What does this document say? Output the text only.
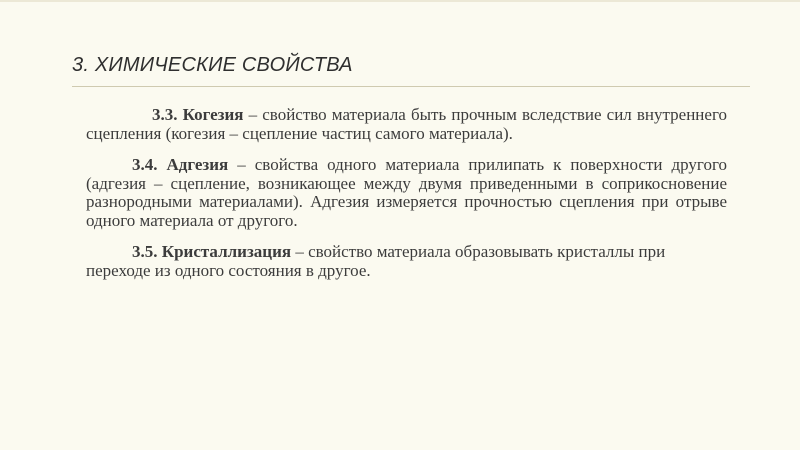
3. ХИМИЧЕСКИЕ СВОЙСТВА

3.3. Когезия – свойство материала быть прочным вследствие сил внутреннего сцепления (когезия – сцепление частиц самого материала).

3.4. Адгезия – свойства одного материала прилипать к поверхности другого (адгезия – сцепление, возникающее между двумя приведенными в соприкосновение разнородными материалами). Адгезия измеряется прочностью сцепления при отрыве одного материала от другого.

3.5. Кристаллизация – свойство материала образовывать кристаллы при переходе из одного состояния в другое.
